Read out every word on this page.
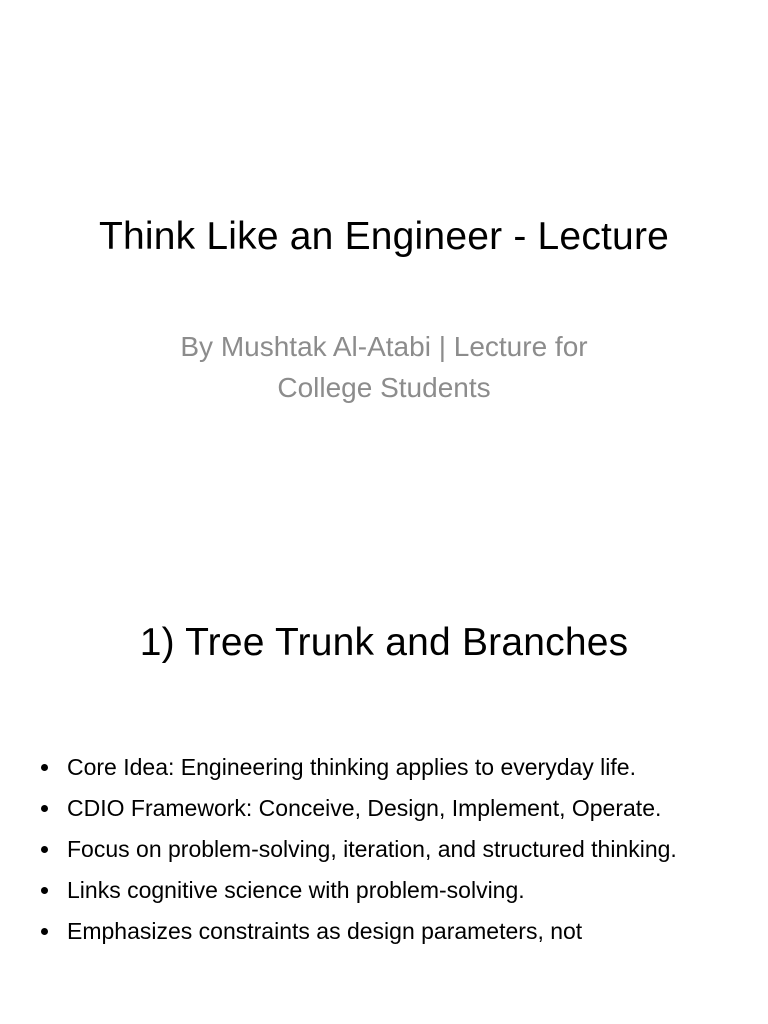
Think Like an Engineer - Lecture
By Mushtak Al-Atabi | Lecture for College Students
1) Tree Trunk and Branches
Core Idea: Engineering thinking applies to everyday life.
CDIO Framework: Conceive, Design, Implement, Operate.
Focus on problem-solving, iteration, and structured thinking.
Links cognitive science with problem-solving.
Emphasizes constraints as design parameters, not
